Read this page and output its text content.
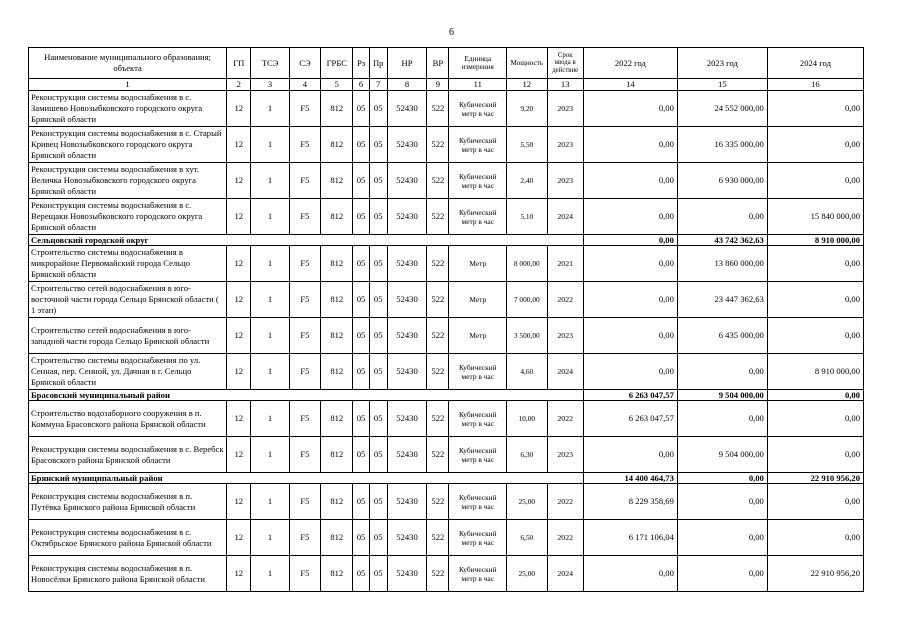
6
Наименование муниципального образования; объекта	ГП	ТСЭ	СЭ	ГРБС	Рз	Пр	НР	ВР	Единица измерения	Мощность	Срок ввода в действие	2022 год	2023 год	2024 год
1	2	3	4	5	6	7	8	9	11	12	13	14	15	16
Реконструкция системы водоснабжения в с. Замишево Новозыбковского городского округа Брянской области	12	1	F5	812	05	05	52430	522	Кубический метр в час	9,20	2023	0,00	24 552 000,00	0,00
Реконструкция системы водоснабжения в с. Старый Кривец Новозыбковского городского округа Брянской области	12	1	F5	812	05	05	52430	522	Кубический метр в час	5,50	2023	0,00	16 335 000,00	0,00
Реконструкция системы водоснабжения в хут. Величка Новозыбковского городского округа Брянской области	12	1	F5	812	05	05	52430	522	Кубический метр в час	2,40	2023	0,00	6 930 000,00	0,00
Реконструкция системы водоснабжения в с. Верещаки Новозыбковского городского округа Брянской области	12	1	F5	812	05	05	52430	522	Кубический метр в час	5,10	2024	0,00	0,00	15 840 000,00
Сельцовский городской округ												0,00	43 742 362,63	8 910 000,00
Строительство системы водоснабжения в микрорайоне Первомайский города Сельцо Брянской области	12	1	F5	812	05	05	52430	522	Метр	8 000,00	2021	0,00	13 860 000,00	0,00
Строительство сетей водоснабжения в юго-восточной части города Сельцо Брянской области ( 1 этап)	12	1	F5	812	05	05	52430	522	Метр	7 000,00	2022	0,00	23 447 362,63	0,00
Строительство сетей водоснабжения в юго-западной части города Сельцо Брянской области	12	1	F5	812	05	05	52430	522	Метр	3 500,00	2023	0,00	6 435 000,00	0,00
Строительство системы водоснабжения по ул. Сенная, пер. Сенной, ул. Дачная в г. Сельцо Брянской области	12	1	F5	812	05	05	52430	522	Кубический метр в час	4,60	2024	0,00	0,00	8 910 000,00
Брасовский муниципальный район												6 263 047,57	9 504 000,00	0,00
Строительство водозаборного сооружения в п. Коммуна Брасовского района Брянской области	12	1	F5	812	05	05	52430	522	Кубический метр в час	10,00	2022	6 263 047,57	0,00	0,00
Реконструкция системы водоснабжения в с. Веребск Брасовского района Брянской области	12	1	F5	812	05	05	52430	522	Кубический метр в час	6,30	2023	0,00	9 504 000,00	0,00
Брянский муниципальный район												14 400 464,73	0,00	22 910 956,20
Реконструкция системы водоснабжения в п. Путёвка Брянского района Брянской области	12	1	F5	812	05	05	52430	522	Кубический метр в час	25,00	2022	8 229 358,69	0,00	0,00
Реконструкция системы водоснабжения в с. Октябрьское Брянского района Брянской области	12	1	F5	812	05	05	52430	522	Кубический метр в час	6,50	2022	6 171 106,04	0,00	0,00
Реконструкция системы водоснабжения в п. Новосёлки Брянского района Брянской области	12	1	F5	812	05	05	52430	522	Кубический метр в час	25,00	2024	0,00	0,00	22 910 956,20
